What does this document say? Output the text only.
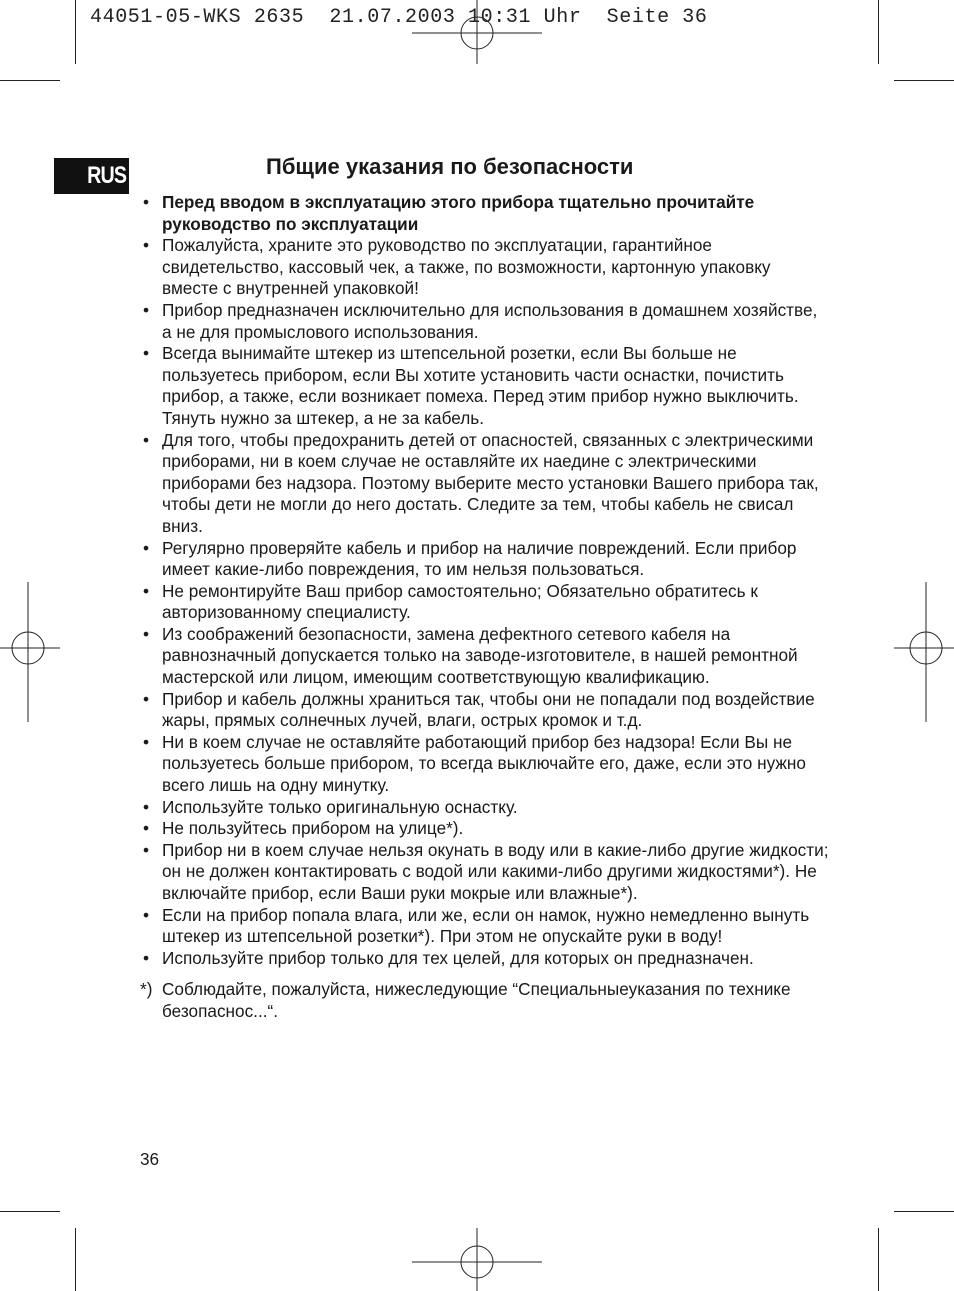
44051-05-WKS 2635  21.07.2003 10:31 Uhr  Seite 36
RUS	Пбщие указания по безопасности
• Перед вводом в эксплуатацию этого прибора тщательно прочитайте руководство по эксплуатации
• Пожалуйста, храните это руководство по эксплуатации, гарантийное свидетельство, кассовый чек, а также, по возможности, картонную упаковку вместе с внутренней упаковкой!
• Прибор предназначен исключительно для использования в домашнем хозяйстве, а не для промыслового использования.
• Всегда вынимайте штекер из штепсельной розетки, если Вы больше не пользуетесь прибором, если Вы хотите установить части оснастки, почистить прибор, а также, если возникает помеха. Перед этим прибор нужно выключить. Тянуть нужно за штекер, а не за кабель.
• Для того, чтобы предохранить детей от опасностей, связанных с электрическими приборами, ни в коем случае не оставляйте их наедине с электрическими приборами без надзора. Поэтому выберите место установки Вашего прибора так, чтобы дети не могли до него достать. Следите за тем, чтобы кабель не свисал вниз.
• Регулярно проверяйте кабель и прибор на наличие повреждений. Если прибор имеет какие-либо повреждения, то им нельзя пользоваться.
• Не ремонтируйте Ваш прибор самостоятельно; Обязательно обратитесь к авторизованному специалисту.
• Из соображений безопасности, замена дефектного сетевого кабеля на равнозначный допускается только на заводе-изготовителе, в нашей ремонтной мастерской или лицом, имеющим соответствующую квалификацию.
• Прибор и кабель должны храниться так, чтобы они не попадали под воздействие жары, прямых солнечных лучей, влаги, острых кромок и т.д.
• Ни в коем случае не оставляйте работающий прибор без надзора! Если Вы не пользуетесь больше прибором, то всегда выключайте его, даже, если это нужно всего лишь на одну минутку.
• Используйте только оригинальную оснастку.
• Не пользуйтесь прибором на улице*).
• Прибор ни в коем случае нельзя окунать в воду или в какие-либо другие жидкости; он не должен контактировать с водой или какими-либо другими жидкостями*). Не включайте прибор, если Ваши руки мокрые или влажные*).
• Если на прибор попала влага, или же, если он намок, нужно немедленно вынуть штекер из штепсельной розетки*). При этом не опускайте руки в воду!
• Используйте прибор только для тех целей, для которых он предназначен.
*) Соблюдайте, пожалуйста, нижеследующие “Специальныеуказания по технике безопаснос...“.
36
